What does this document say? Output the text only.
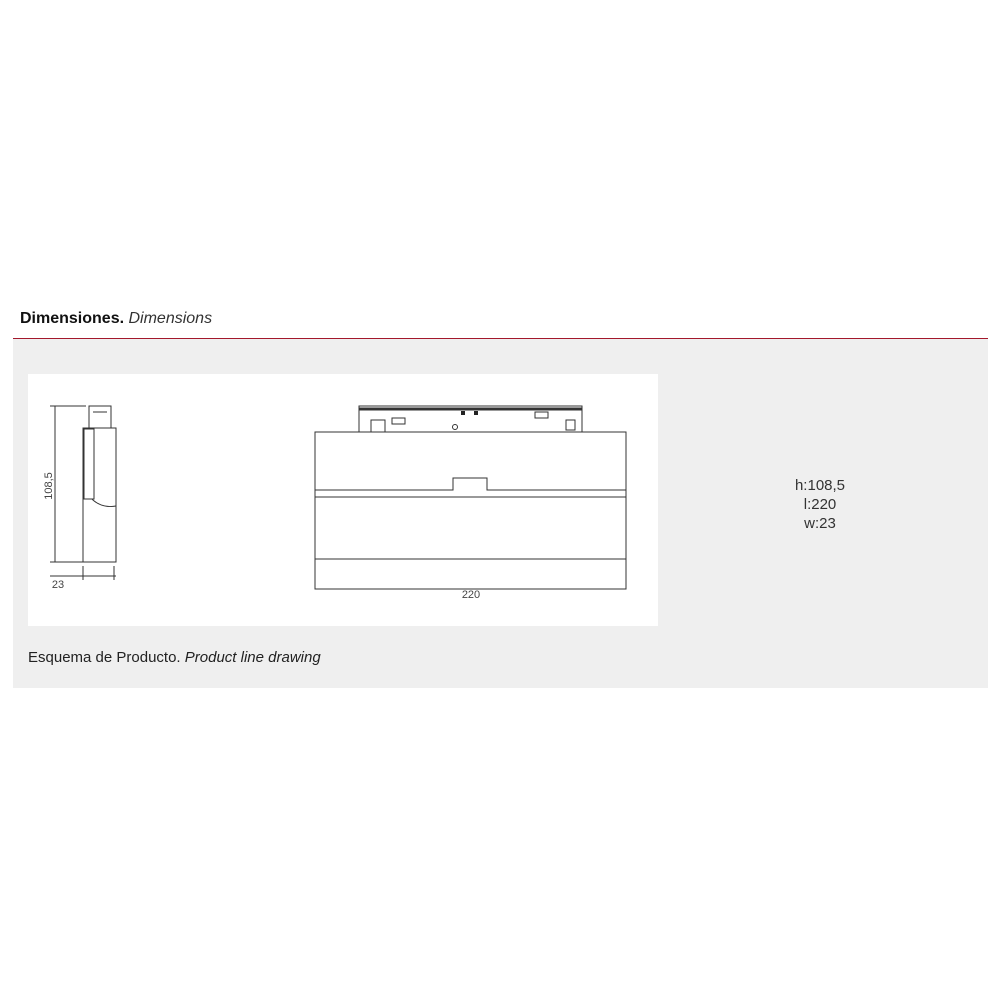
Dimensiones. Dimensions
108,5
23
220
h:108,5
l:220
w:23
Esquema de Producto. Product line drawing
